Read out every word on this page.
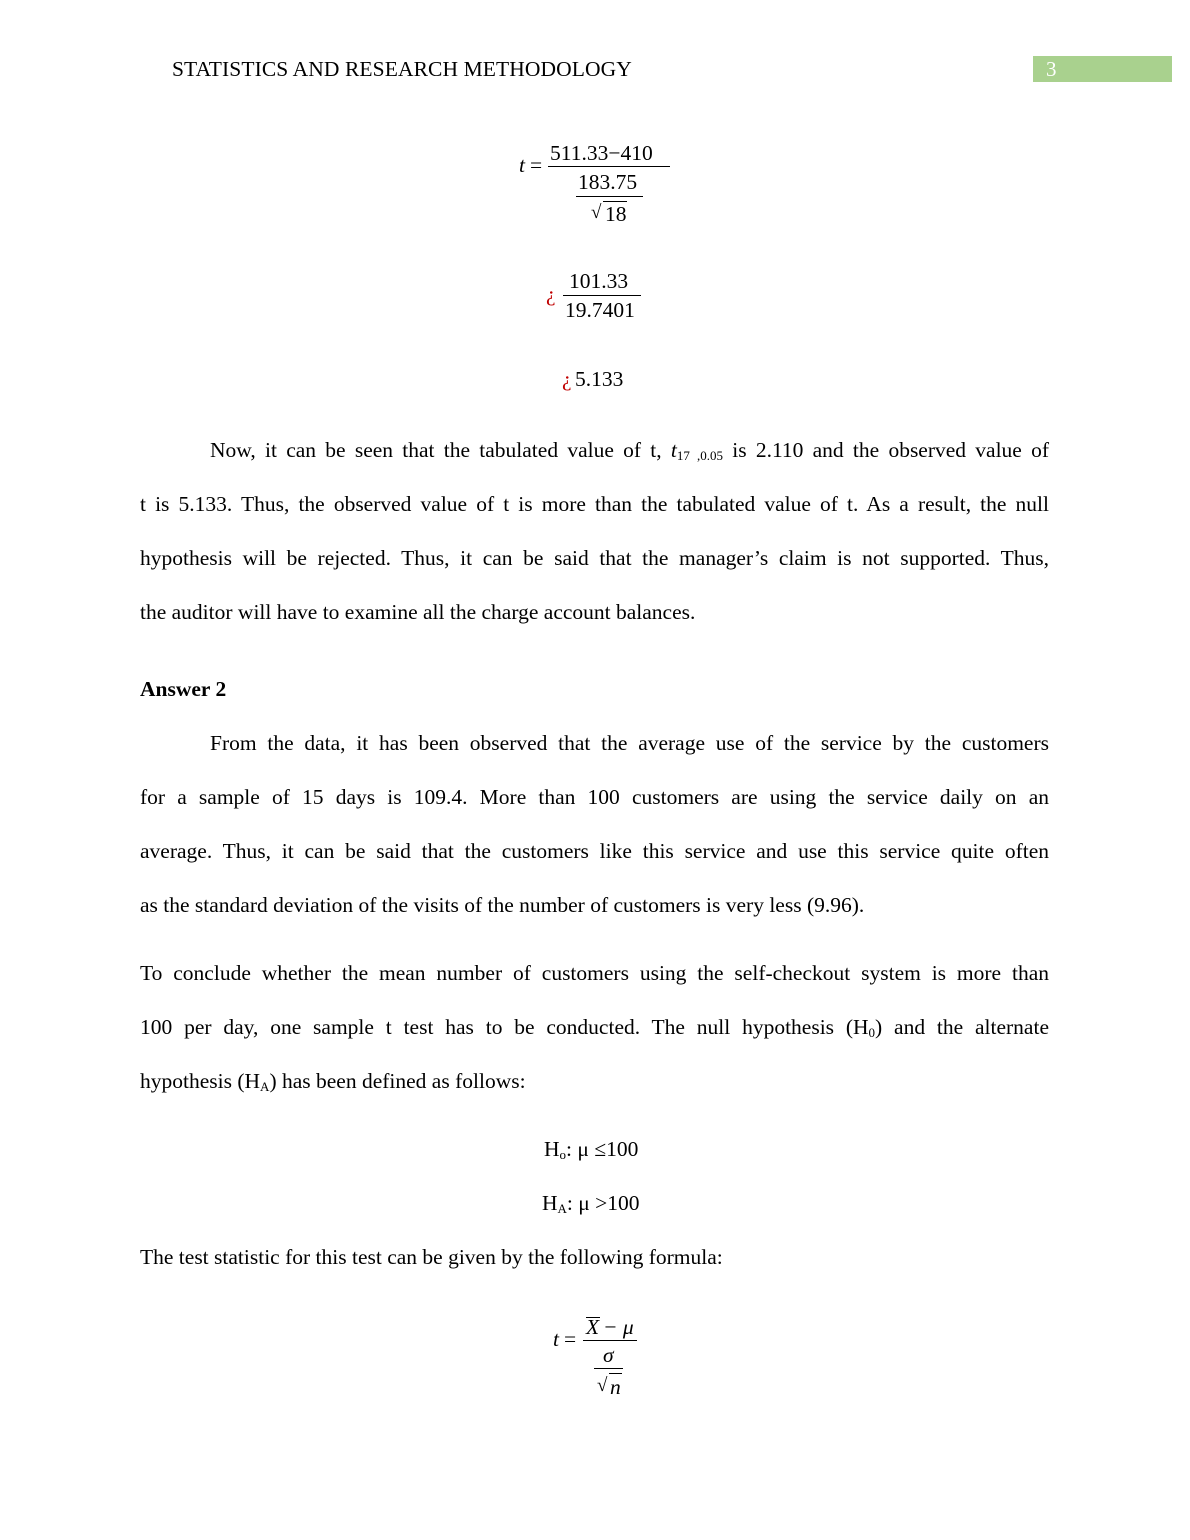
STATISTICS AND RESEARCH METHODOLOGY	3
t = 511.33−410
183.75
√ 18
¿
101.33
19.7401
¿ 5.133
Now, it can be seen that the tabulated value of t, $t_{17 ,0.05}$ is 2.110 and the observed value of
t is 5.133. Thus, the observed value of t is more than the tabulated value of t. As a result, the null
hypothesis will be rejected. Thus, it can be said that the manager’s claim is not supported. Thus,
the auditor will have to examine all the charge account balances.
Answer 2
From the data, it has been observed that the average use of the service by the customers
for a sample of 15 days is 109.4. More than 100 customers are using the service daily on an
average. Thus, it can be said that the customers like this service and use this service quite often
as the standard deviation of the visits of the number of customers is very less (9.96).
To conclude whether the mean number of customers using the self-checkout system is more than
100 per day, one sample t test has to be conducted. The null hypothesis $(H_0)$ and the alternate
hypothesis $(H_A)$ has been defined as follows:
$H_o$: μ ≤100
$H_A$: μ >100
The test statistic for this test can be given by the following formula:
t = X − μ
σ
√ n
